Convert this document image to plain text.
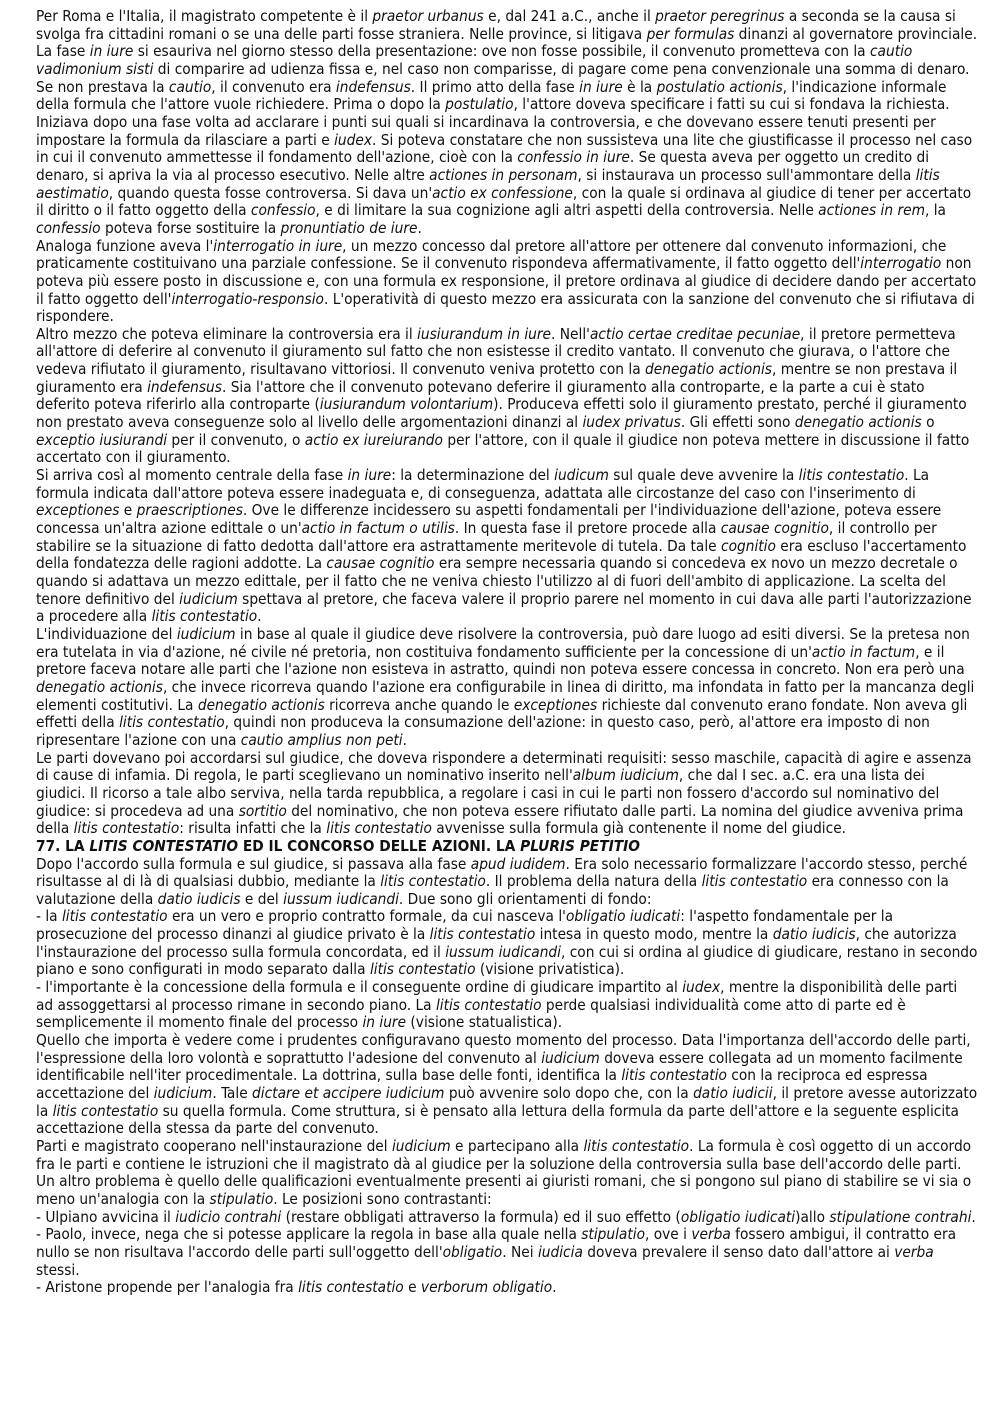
Per Roma e l'Italia, il magistrato competente è il praetor urbanus e, dal 241 a.C., anche il praetor peregrinus a seconda se la causa si svolga fra cittadini romani o se una delle parti fosse straniera. Nelle province, si litigava per formulas dinanzi al governatore provinciale.

La fase in iure si esauriva nel giorno stesso della presentazione: ove non fosse possibile, il convenuto prometteva con la cautio vadimonium sisti di comparire ad udienza fissa e, nel caso non comparisse, di pagare come pena convenzionale una somma di denaro. Se non prestava la cautio, il convenuto era indefensus. Il primo atto della fase in iure è la postulatio actionis, l'indicazione informale della formula che l'attore vuole richiedere. Prima o dopo la postulatio, l'attore doveva specificare i fatti su cui si fondava la richiesta.

Iniziava dopo una fase volta ad acclarare i punti sui quali si incardinava la controversia, e che dovevano essere tenuti presenti per impostare la formula da rilasciare a parti e iudex. Si poteva constatare che non sussisteva una lite che giustificasse il processo nel caso in cui il convenuto ammettesse il fondamento dell'azione, cioè con la confessio in iure. Se questa aveva per oggetto un credito di denaro, si apriva la via al processo esecutivo. Nelle altre actiones in personam, si instaurava un processo sull'ammontare della litis aestimatio, quando questa fosse controversa. Si dava un'actio ex confessione, con la quale si ordinava al giudice di tener per accertato il diritto o il fatto oggetto della confessio, e di limitare la sua cognizione agli altri aspetti della controversia. Nelle actiones in rem, la confessio poteva forse sostituire la pronuntiatio de iure.

Analoga funzione aveva l'interrogatio in iure, un mezzo concesso dal pretore all'attore per ottenere dal convenuto informazioni, che praticamente costituivano una parziale confessione. Se il convenuto rispondeva affermativamente, il fatto oggetto dell'interrogatio non poteva più essere posto in discussione e, con una formula ex responsione, il pretore ordinava al giudice di decidere dando per accertato il fatto oggetto dell'interrogatio-responsio. L'operatività di questo mezzo era assicurata con la sanzione del convenuto che si rifiutava di rispondere.

Altro mezzo che poteva eliminare la controversia era il iusiurandum in iure. Nell'actio certae creditae pecuniae, il pretore permetteva all'attore di deferire al convenuto il giuramento sul fatto che non esistesse il credito vantato. Il convenuto che giurava, o l'attore che vedeva rifiutato il giuramento, risultavano vittoriosi. Il convenuto veniva protetto con la denegatio actionis, mentre se non prestava il giuramento era indefensus. Sia l'attore che il convenuto potevano deferire il giuramento alla controparte, e la parte a cui è stato deferito poteva riferirlo alla controparte (iusiurandum volontarium). Produceva effetti solo il giuramento prestato, perché il giuramento non prestato aveva conseguenze solo al livello delle argomentazioni dinanzi al iudex privatus. Gli effetti sono denegatio actionis o exceptio iusiurandi per il convenuto, o actio ex iureiurando per l'attore, con il quale il giudice non poteva mettere in discussione il fatto accertato con il giuramento.

Si arriva così al momento centrale della fase in iure: la determinazione del iudicum sul quale deve avvenire la litis contestatio. La formula indicata dall'attore poteva essere inadeguata e, di conseguenza, adattata alle circostanze del caso con l'inserimento di exceptiones e praescriptiones. Ove le differenze incidessero su aspetti fondamentali per l'individuazione dell'azione, poteva essere concessa un'altra azione edittale o un'actio in factum o utilis. In questa fase il pretore procede alla causae cognitio, il controllo per stabilire se la situazione di fatto dedotta dall'attore era astrattamente meritevole di tutela. Da tale cognitio era escluso l'accertamento della fondatezza delle ragioni addotte. La causae cognitio era sempre necessaria quando si concedeva ex novo un mezzo decretale o quando si adattava un mezzo edittale, per il fatto che ne veniva chiesto l'utilizzo al di fuori dell'ambito di applicazione. La scelta del tenore definitivo del iudicium spettava al pretore, che faceva valere il proprio parere nel momento in cui dava alle parti l'autorizzazione a procedere alla litis contestatio.

L'individuazione del iudicium in base al quale il giudice deve risolvere la controversia, può dare luogo ad esiti diversi. Se la pretesa non era tutelata in via d'azione, né civile né pretoria, non costituiva fondamento sufficiente per la concessione di un'actio in factum, e il pretore faceva notare alle parti che l'azione non esisteva in astratto, quindi non poteva essere concessa in concreto. Non era però una denegatio actionis, che invece ricorreva quando l'azione era configurabile in linea di diritto, ma infondata in fatto per la mancanza degli elementi costitutivi. La denegatio actionis ricorreva anche quando le exceptiones richieste dal convenuto erano fondate. Non aveva gli effetti della litis contestatio, quindi non produceva la consumazione dell'azione: in questo caso, però, al'attore era imposto di non ripresentare l'azione con una cautio amplius non peti.

Le parti dovevano poi accordarsi sul giudice, che doveva rispondere a determinati requisiti: sesso maschile, capacità di agire e assenza di cause di infamia. Di regola, le parti sceglievano un nominativo inserito nell'album iudicium, che dal I sec. a.C. era una lista dei giudici. Il ricorso a tale albo serviva, nella tarda repubblica, a regolare i casi in cui le parti non fossero d'accordo sul nominativo del giudice: si procedeva ad una sortitio del nominativo, che non poteva essere rifiutato dalle parti. La nomina del giudice avveniva prima della litis contestatio: risulta infatti che la litis contestatio avvenisse sulla formula già contenente il nome del giudice.

77. LA LITIS CONTESTATIO ED IL CONCORSO DELLE AZIONI. LA PLURIS PETITIO

Dopo l'accordo sulla formula e sul giudice, si passava alla fase apud iudidem. Era solo necessario formalizzare l'accordo stesso, perché risultasse al di là di qualsiasi dubbio, mediante la litis contestatio. Il problema della natura della litis contestatio era connesso con la valutazione della datio iudicis e del iussum iudicandi. Due sono gli orientamenti di fondo:

- la litis contestatio era un vero e proprio contratto formale, da cui nasceva l'obligatio iudicati: l'aspetto fondamentale per la prosecuzione del processo dinanzi al giudice privato è la litis contestatio intesa in questo modo, mentre la datio iudicis, che autorizza l'instaurazione del processo sulla formula concordata, ed il iussum iudicandi, con cui si ordina al giudice di giudicare, restano in secondo piano e sono configurati in modo separato dalla litis contestatio (visione privatistica).

- l'importante è la concessione della formula e il conseguente ordine di giudicare impartito al iudex, mentre la disponibilità delle parti ad assoggettarsi al processo rimane in secondo piano. La litis contestatio perde qualsiasi individualità come atto di parte ed è semplicemente il momento finale del processo in iure (visione statualistica).

Quello che importa è vedere come i prudentes configuravano questo momento del processo. Data l'importanza dell'accordo delle parti, l'espressione della loro volontà e soprattutto l'adesione del convenuto al iudicium doveva essere collegata ad un momento facilmente identificabile nell'iter procedimentale. La dottrina, sulla base delle fonti, identifica la litis contestatio con la reciproca ed espressa accettazione del iudicium. Tale dictare et accipere iudicium può avvenire solo dopo che, con la datio iudicii, il pretore avesse autorizzato la litis contestatio su quella formula. Come struttura, si è pensato alla lettura della formula da parte dell'attore e la seguente esplicita accettazione della stessa da parte del convenuto.

Parti e magistrato cooperano nell'instaurazione del iudicium e partecipano alla litis contestatio. La formula è così oggetto di un accordo fra le parti e contiene le istruzioni che il magistrato dà al giudice per la soluzione della controversia sulla base dell'accordo delle parti. Un altro problema è quello delle qualificazioni eventualmente presenti ai giuristi romani, che si pongono sul piano di stabilire se vi sia o meno un'analogia con la stipulatio. Le posizioni sono contrastanti:

- Ulpiano avvicina il iudicio contrahi (restare obbligati attraverso la formula) ed il suo effetto (obligatio iudicati)allo stipulatione contrahi.

- Paolo, invece, nega che si potesse applicare la regola in base alla quale nella stipulatio, ove i verba fossero ambigui, il contratto era nullo se non risultava l'accordo delle parti sull'oggetto dell'obligatio. Nei iudicia doveva prevalere il senso dato dall'attore ai verba stessi.

- Aristone propende per l'analogia fra litis contestatio e verborum obligatio.
